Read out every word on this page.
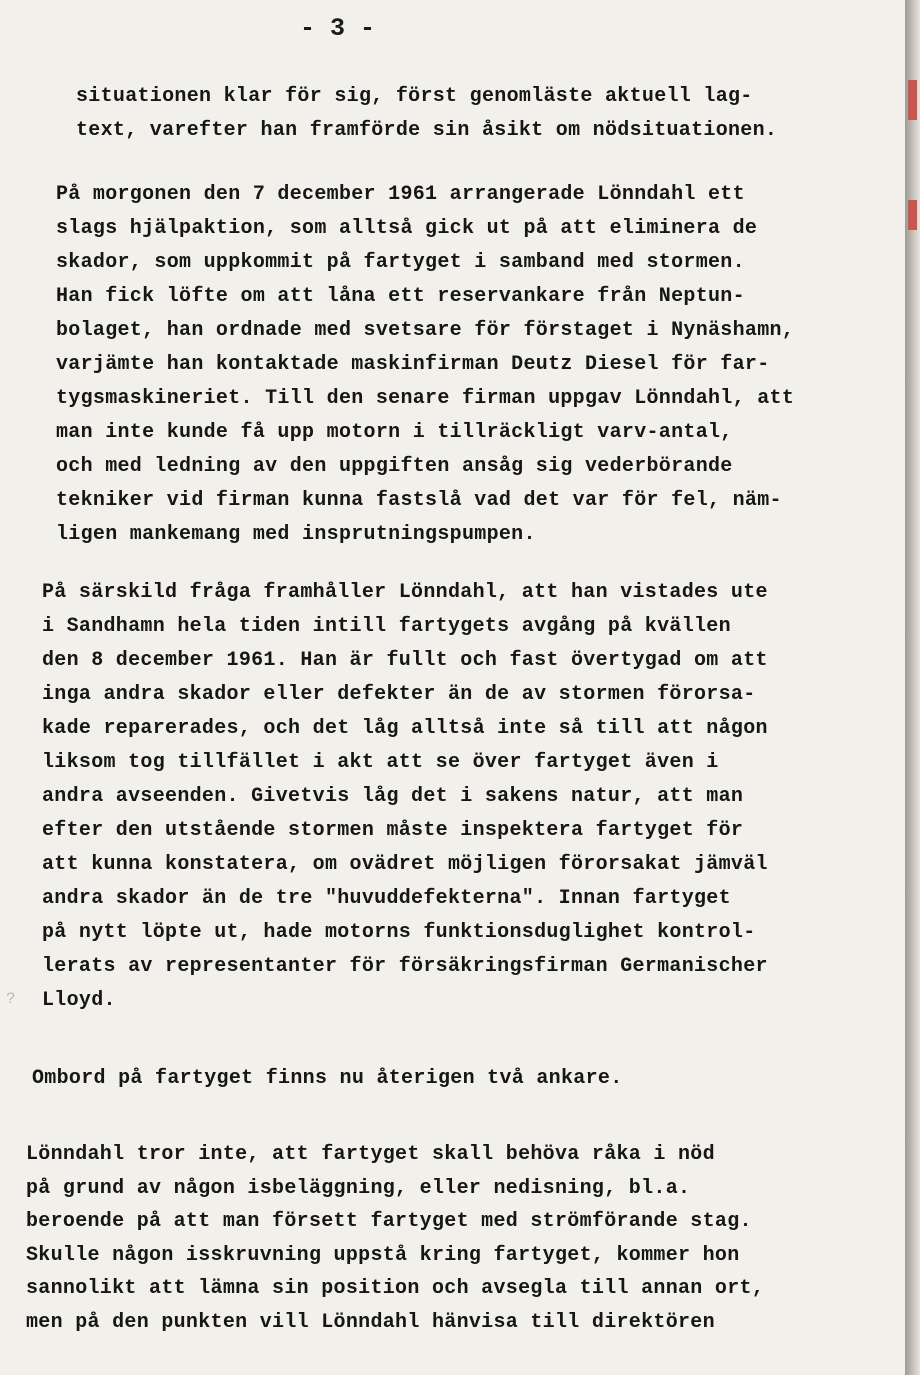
- 3 -
situationen klar för sig, först genomläste aktuell lag-
text, varefter han framförde sin åsikt om nödsituationen.
På morgonen den 7 december 1961 arrangerade Lönndahl ett
slags hjälpaktion, som alltså gick ut på att eliminera de
skador, som uppkommit på fartyget i samband med stormen.
Han fick löfte om att låna ett reservankare från Neptun-
bolaget, han ordnade med svetsare för förstaget i Nynäshamn,
varjämte han kontaktade maskinfirman Deutz Diesel för far-
tygsmaskineriet. Till den senare firman uppgav Lönndahl, att
man inte kunde få upp motorn i tillräckligt varv-antal,
och med ledning av den uppgiften ansåg sig vederbörande
tekniker vid firman kunna fastslå vad det var för fel, näm-
ligen mankemang med insprutningspumpen.
På särskild fråga framhåller Lönndahl, att han vistades ute
i Sandhamn hela tiden intill fartygets avgång på kvällen
den 8 december 1961. Han är fullt och fast övertygad om att
inga andra skador eller defekter än de av stormen förorsa-
kade reparerades, och det låg alltså inte så till att någon
liksom tog tillfället i akt att se över fartyget även i
andra avseenden. Givetvis låg det i sakens natur, att man
efter den utstående stormen måste inspektera fartyget för
att kunna konstatera, om ovädret möjligen förorsakat jämväl
andra skador än de tre "huvuddefekterna". Innan fartyget
på nytt löpte ut, hade motorns funktionsduglighet kontrol-
lerats av representanter för försäkringsfirman Germanischer
Lloyd.
Ombord på fartyget finns nu återigen två ankare.
Lönndahl tror inte, att fartyget skall behöva råka i nöd
på grund av någon isbeläggning, eller nedisning, bl.a.
beroende på att man försett fartyget med strömförande stag.
Skulle någon isskruvning uppstå kring fartyget, kommer hon
sannolikt att lämna sin position och avsegla till annan ort,
men på den punkten vill Lönndahl hänvisa till direktören
?
